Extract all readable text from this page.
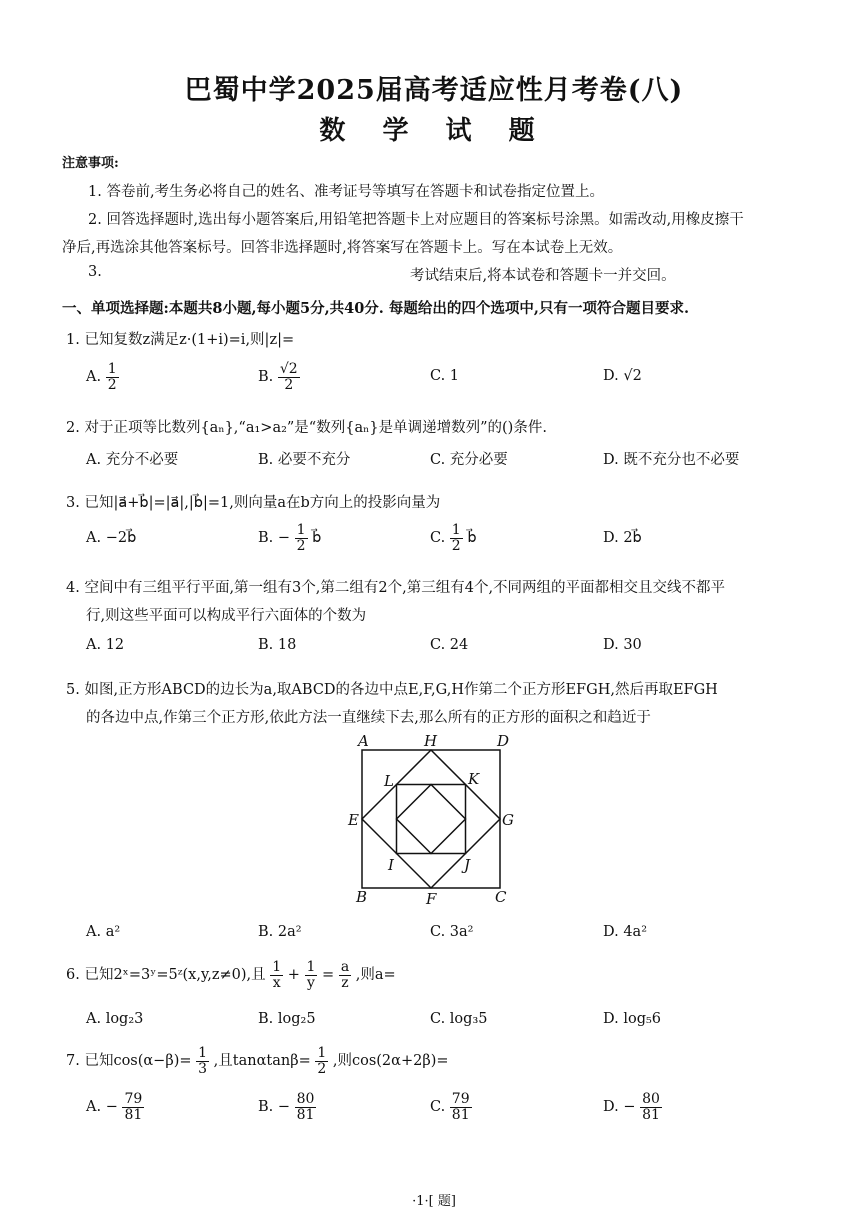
巴蜀中学2025届高考适应性月考卷(八)
数 学 试 题
注意事项:
1. 答卷前,考生务必将自己的姓名、准考证号等填写在答题卡和试卷指定位置上。
2. 回答选择题时,选出每小题答案后,用铅笔把答题卡上对应题目的答案标号涂黑。如需改动,用橡皮擦干
净后,再选涂其他答案标号。回答非选择题时,将答案写在答题卡上。写在本试卷上无效。
3.	考试结束后,将本试卷和答题卡一并交回。
一、单项选择题:本题共8小题,每小题5分,共40分. 每题给出的四个选项中,只有一项符合题目要求.
1. 已知复数z满足z·(1+i)=i,则|z|=
A. $\frac{1}{2}$	B. $\frac{√2}{2}$	C. 1	D. √2
2. 对于正项等比数列{aₙ},“a₁>a₂”是“数列{aₙ}是单调递增数列”的()条件.
A. 充分不必要	B. 必要不充分	C. 充分必要	D. 既不充分也不必要
3. 已知|a⃗+b⃗|=|a⃗|,|b⃗|=1,则向量a在b方向上的投影向量为
A. −2b⃗	B. − $\frac{1}{2}$ b⃗	C. $\frac{1}{2}$ b⃗	D. 2b⃗
4. 空间中有三组平行平面,第一组有3个,第二组有2个,第三组有4个,不同两组的平面都相交且交线不都平
行,则这些平面可以构成平行六面体的个数为
A. 12	B. 18	C. 24	D. 30
5. 如图,正方形ABCD的边长为a,取ABCD的各边中点E,F,G,H作第二个正方形EFGH,然后再取EFGH
的各边中点,作第三个正方形,依此方法一直继续下去,那么所有的正方形的面积之和趋近于
A	H	D
E	G
B	F	C
L	K
I	J
A. a²	B. 2a²	C. 3a²	D. 4a²
6. 已知2ˣ=3ʸ=5ᶻ(x,y,z≠0),且 $\frac{1}{x} + \frac{1}{y} = \frac{a}{z}$ ,则a=
A. log₂3	B. log₂5	C. log₃5	D. log₅6
7. 已知$\cos(\alpha-\beta)= \frac{1}{3}$ ,且$\tan\alpha\tan\beta= \frac{1}{2}$ ,则cos(2α+2β)=
A. − $\frac{79}{81}$	B. − $\frac{80}{81}$	C. $\frac{79}{81}$	D. − $\frac{80}{81}$
·1·[ 题]
